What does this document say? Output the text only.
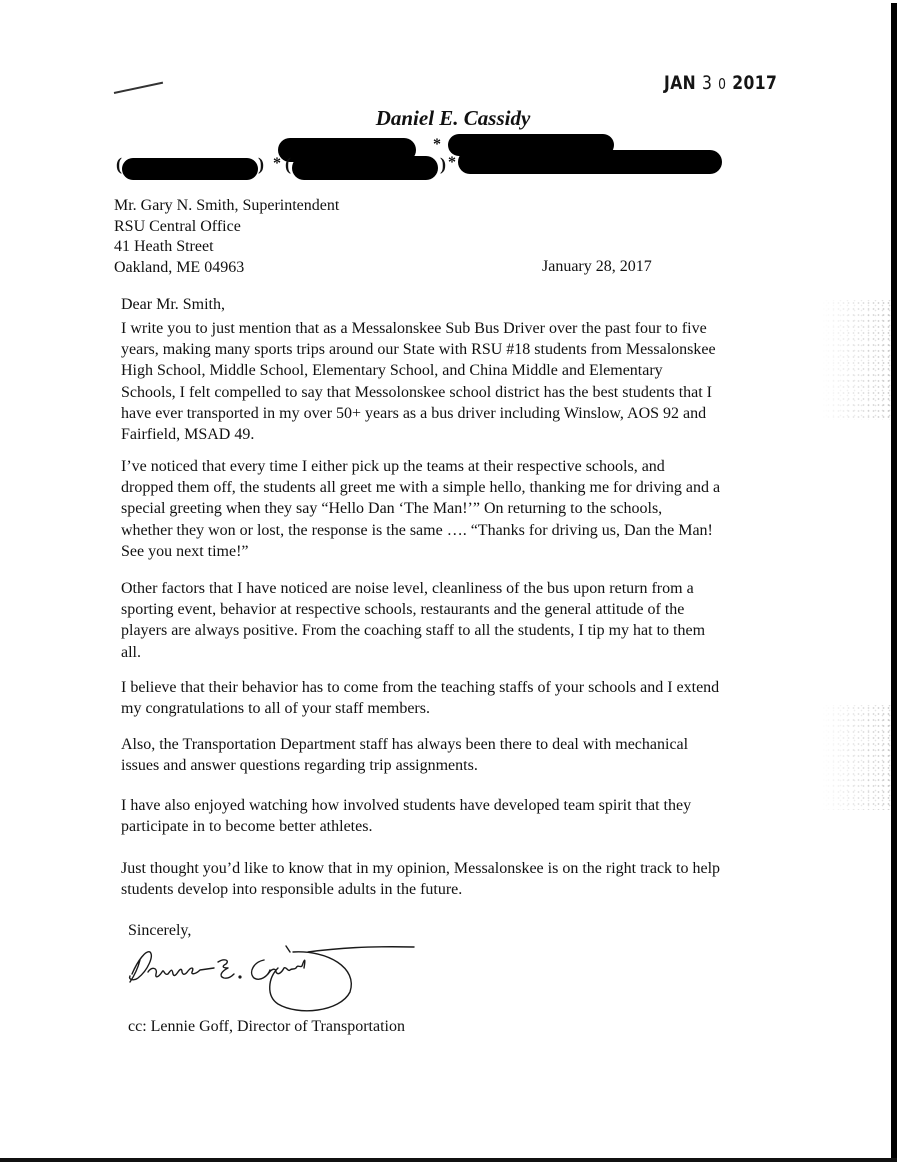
JAN 3 0 2017
Daniel E. Cassidy
*
(	) * (	) *
Mr. Gary N. Smith, Superintendent
RSU Central Office
41 Heath Street
Oakland, ME 04963	January 28, 2017
Dear Mr. Smith,

I write you to just mention that as a Messalonskee Sub Bus Driver over the past four to five

years, making many sports trips around our State with RSU #18 students from Messalonskee

High School, Middle School, Elementary School, and China Middle and Elementary

Schools, I felt compelled to say that Messolonskee school district has the best students that I

have ever transported in my over 50+ years as a bus driver including Winslow, AOS 92 and

Fairfield, MSAD 49.

I’ve noticed that every time I either pick up the teams at their respective schools, and

dropped them off, the students all greet me with a simple hello, thanking me for driving and a

special greeting when they say “Hello Dan ‘The Man!’” On returning to the schools,

whether they won or lost, the response is the same …. “Thanks for driving us, Dan the Man!

See you next time!”

Other factors that I have noticed are noise level, cleanliness of the bus upon return from a

sporting event, behavior at respective schools, restaurants and the general attitude of the

players are always positive. From the coaching staff to all the students, I tip my hat to them

all.

I believe that their behavior has to come from the teaching staffs of your schools and I extend

my congratulations to all of your staff members.

Also, the Transportation Department staff has always been there to deal with mechanical

issues and answer questions regarding trip assignments.

I have also enjoyed watching how involved students have developed team spirit that they

participate in to become better athletes.

Just thought you’d like to know that in my opinion, Messalonskee is on the right track to help

students develop into responsible adults in the future.

Sincerely,
cc: Lennie Goff, Director of Transportation
